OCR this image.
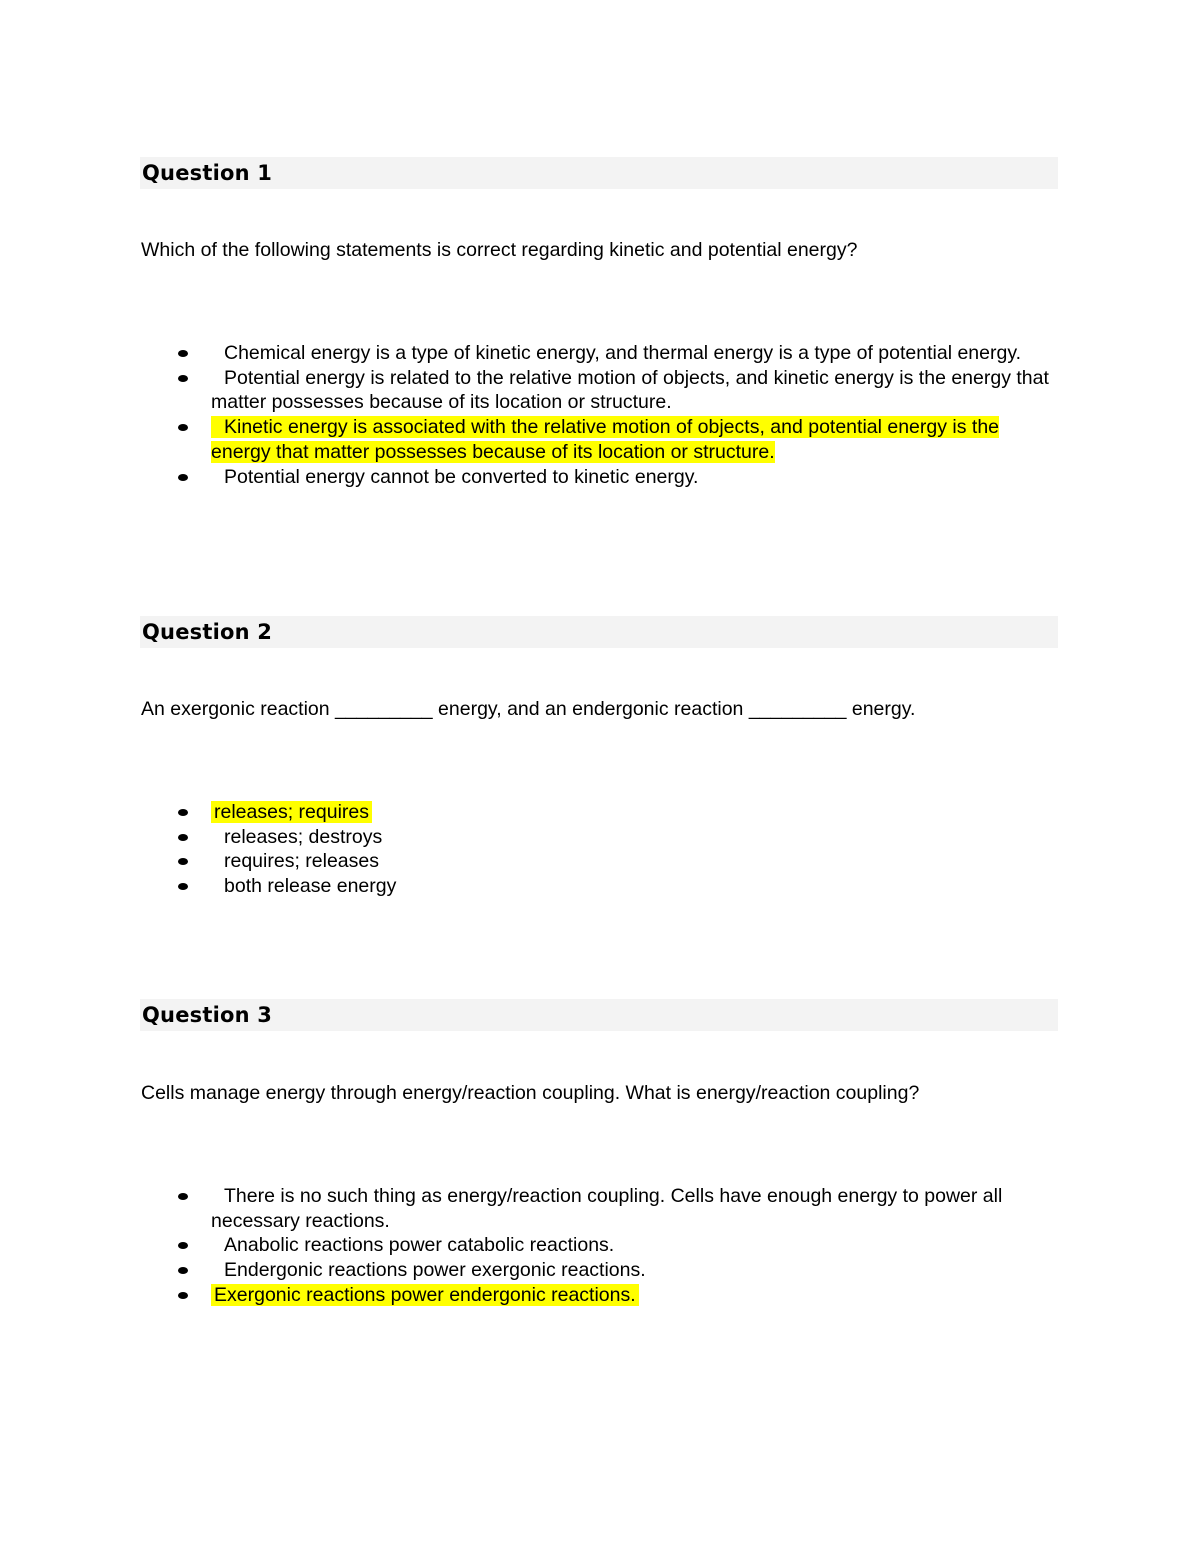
Question 1
Which of the following statements is correct regarding kinetic and potential energy?
Chemical energy is a type of kinetic energy, and thermal energy is a type of potential energy.
Potential energy is related to the relative motion of objects, and kinetic energy is the energy that matter possesses because of its location or structure.
Kinetic energy is associated with the relative motion of objects, and potential energy is the energy that matter possesses because of its location or structure.
Potential energy cannot be converted to kinetic energy.
Question 2
An exergonic reaction _________ energy, and an endergonic reaction _________ energy.
releases; requires
releases; destroys
requires; releases
both release energy
Question 3
Cells manage energy through energy/reaction coupling. What is energy/reaction coupling?
There is no such thing as energy/reaction coupling. Cells have enough energy to power all necessary reactions.
Anabolic reactions power catabolic reactions.
Endergonic reactions power exergonic reactions.
Exergonic reactions power endergonic reactions.
